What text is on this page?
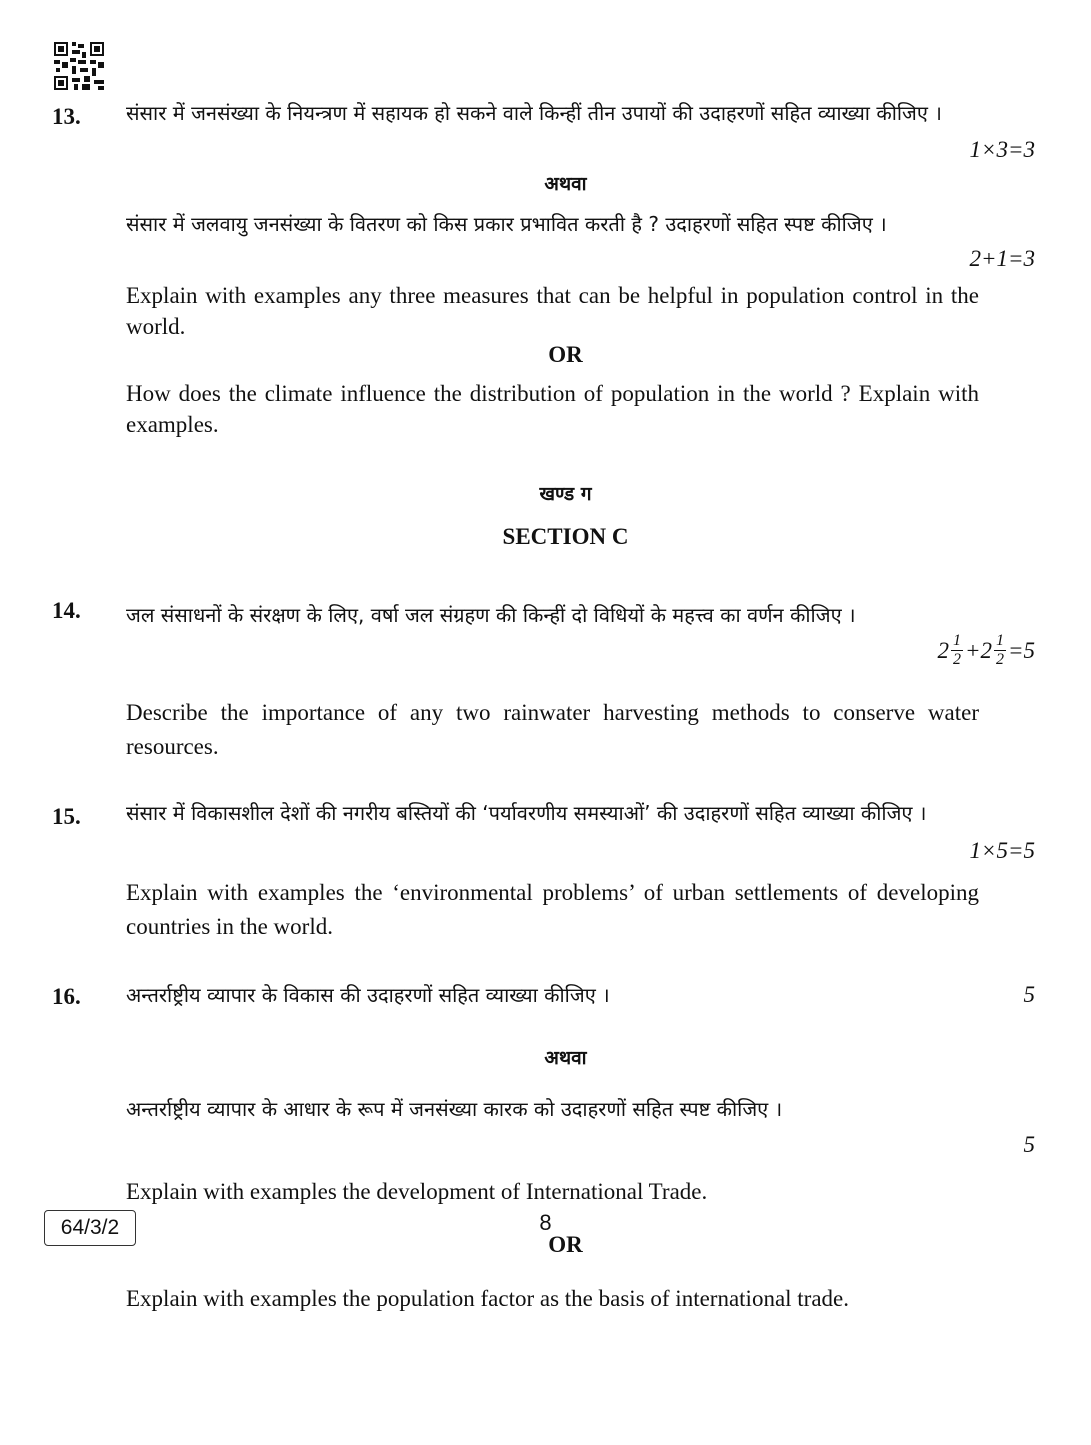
13.	संसार में जनसंख्या के नियन्त्रण में सहायक हो सकने वाले किन्हीं तीन उपायों की उदाहरणों सहित व्याख्या कीजिए ।
1×3=3
अथवा
संसार में जलवायु जनसंख्या के वितरण को किस प्रकार प्रभावित करती है ? उदाहरणों सहित स्पष्ट कीजिए ।
2+1=3
Explain with examples any three measures that can be helpful in population control in the world.
OR
How does the climate influence the distribution of population in the world ? Explain with examples.
खण्ड ग
SECTION C
14.	जल संसाधनों के संरक्षण के लिए, वर्षा जल संग्रहण की किन्हीं दो विधियों के महत्त्व का वर्णन कीजिए ।
$2 \frac{1}{2} +2 \frac{1}{2} =5$
Describe the importance of any two rainwater harvesting methods to conserve water resources.
15.	संसार में विकासशील देशों की नगरीय बस्तियों की ‘पर्यावरणीय समस्याओं’ की उदाहरणों सहित व्याख्या कीजिए ।
1×5=5
Explain with examples the ‘environmental problems’ of urban settlements of developing countries in the world.
16.	अन्तर्राष्ट्रीय व्यापार के विकास की उदाहरणों सहित व्याख्या कीजिए ।	5
अथवा
अन्तर्राष्ट्रीय व्यापार के आधार के रूप में जनसंख्या कारक को उदाहरणों सहित स्पष्ट कीजिए ।
5
Explain with examples the development of International Trade.
OR
Explain with examples the population factor as the basis of international trade.
64/3/2	8
